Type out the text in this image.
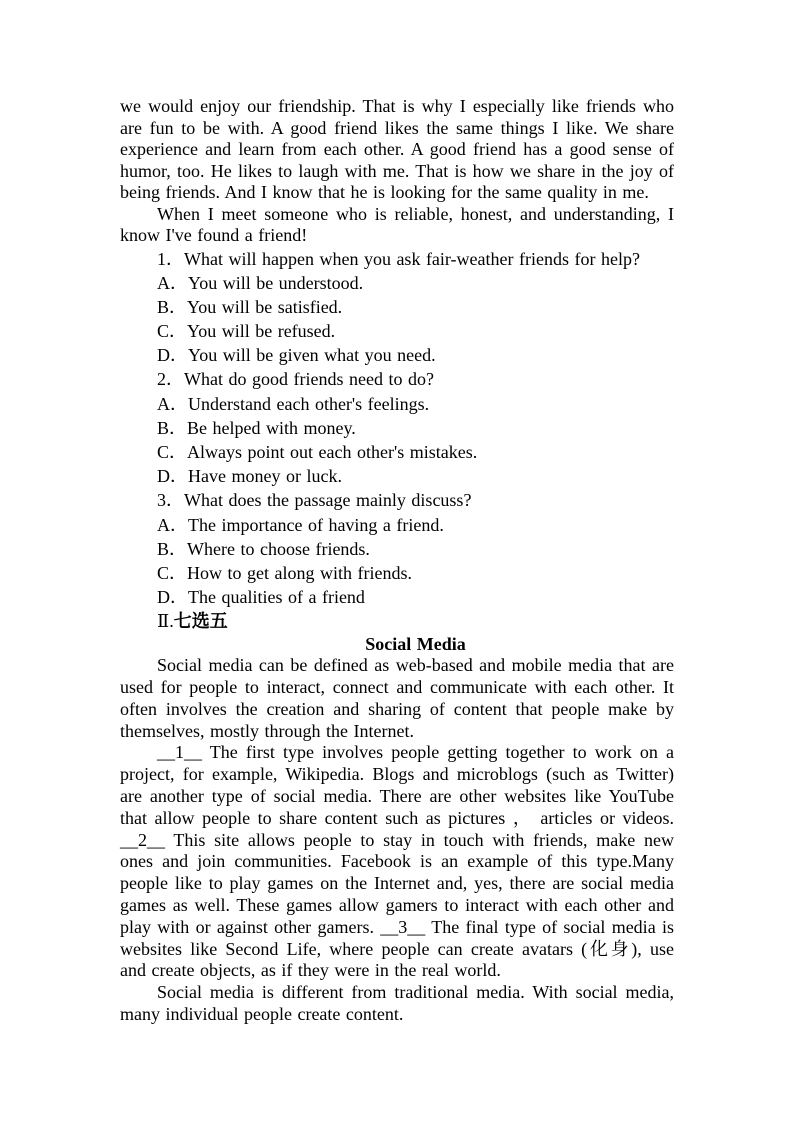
we would enjoy our friendship. That is why I especially like friends who
are fun to be with. A good friend likes the same things I like. We share
experience and learn from each other. A good friend has a good sense of
humor, too. He likes to laugh with me. That is how we share in the joy of
being friends. And I know that he is looking for the same quality in me.
When I meet someone who is reliable, honest, and understanding, I
know I've found a friend!
1．What will happen when you ask fair-weather friends for help?
A．You will be understood.
B．You will be satisfied.
C．You will be refused.
D．You will be given what you need.
2．What do good friends need to do?
A．Understand each other's feelings.
B．Be helped with money.
C．Always point out each other's mistakes.
D．Have money or luck.
3．What does the passage mainly discuss?
A．The importance of having a friend.
B．Where to choose friends.
C．How to get along with friends.
D．The qualities of a friend
Ⅱ.七选五
Social Media
Social media can be defined as web-based and mobile media that are
used for people to interact, connect and communicate with each other. It
often involves the creation and sharing of content that people make by
themselves, mostly through the Internet.
__1__ The first type involves people getting together to work on a
project, for example, Wikipedia. Blogs and microblogs (such as Twitter)
are another type of social media. There are other websites like YouTube
that allow people to share content such as pictures ， articles or videos.
__2__ This site allows people to stay in touch with friends, make new
ones and join communities. Facebook is an example of this type.Many
people like to play games on the Internet and, yes, there are social media
games as well. These games allow gamers to interact with each other and
play with or against other gamers. __3__ The final type of social media is
websites like Second Life, where people can create avatars (化身), use
and create objects, as if they were in the real world.
Social media is different from traditional media. With social media,
many individual people create content.
